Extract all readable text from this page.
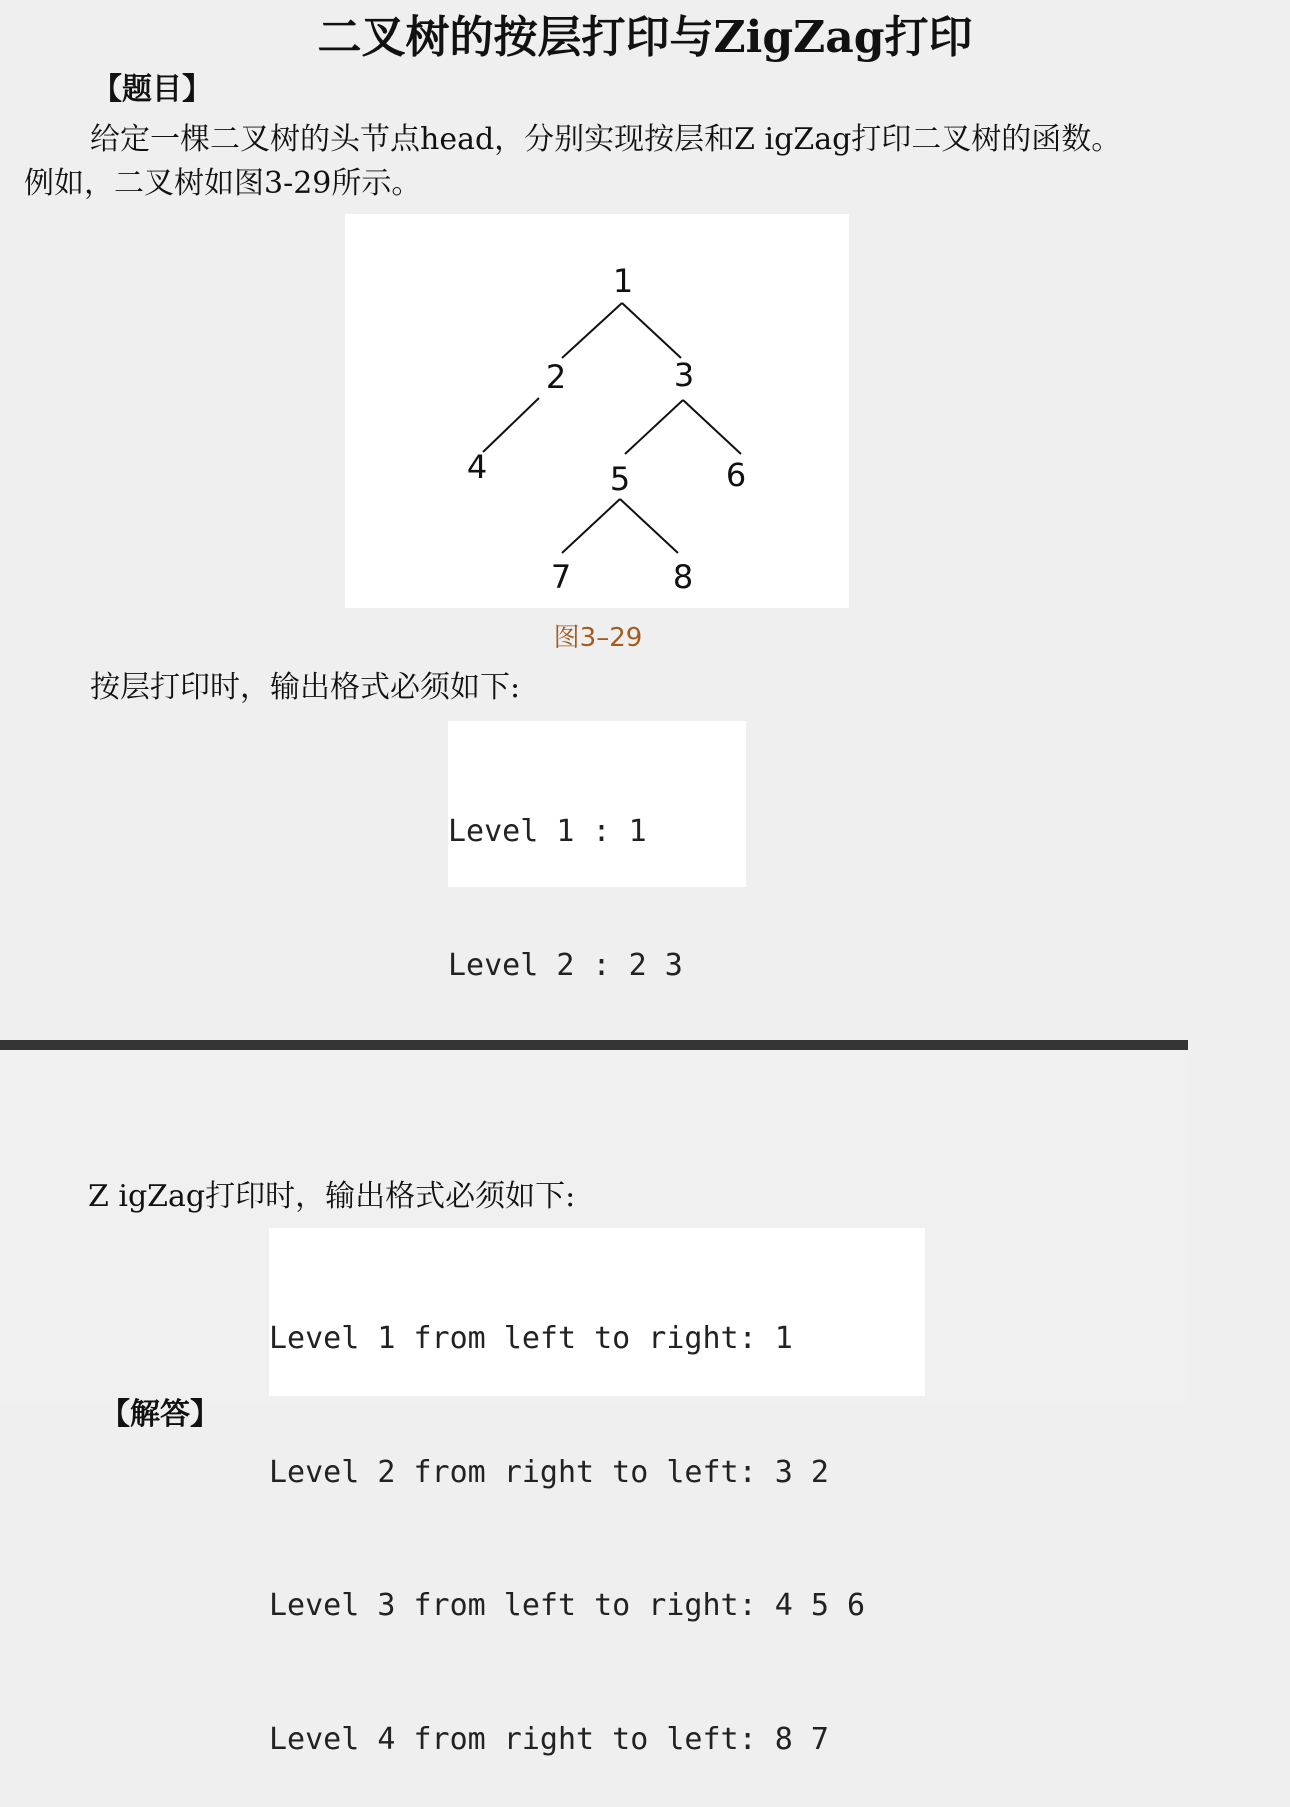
二叉树的按层打印与ZigZag打印
【题目】
给定一棵二叉树的头节点head，分别实现按层和Z igZag打印二叉树的函数。
例如，二叉树如图3-29所示。
1
2	3
4	5	6
7	8
图3–29
按层打印时，输出格式必须如下:

Level 1 : 1

Level 2 : 2 3

Z igZag打印时，输出格式必须如下:
【解答】

Level 1 from left to right: 1

Level 2 from right to left: 3 2

Level 3 from left to right: 4 5 6

Level 4 from right to left: 8 7
